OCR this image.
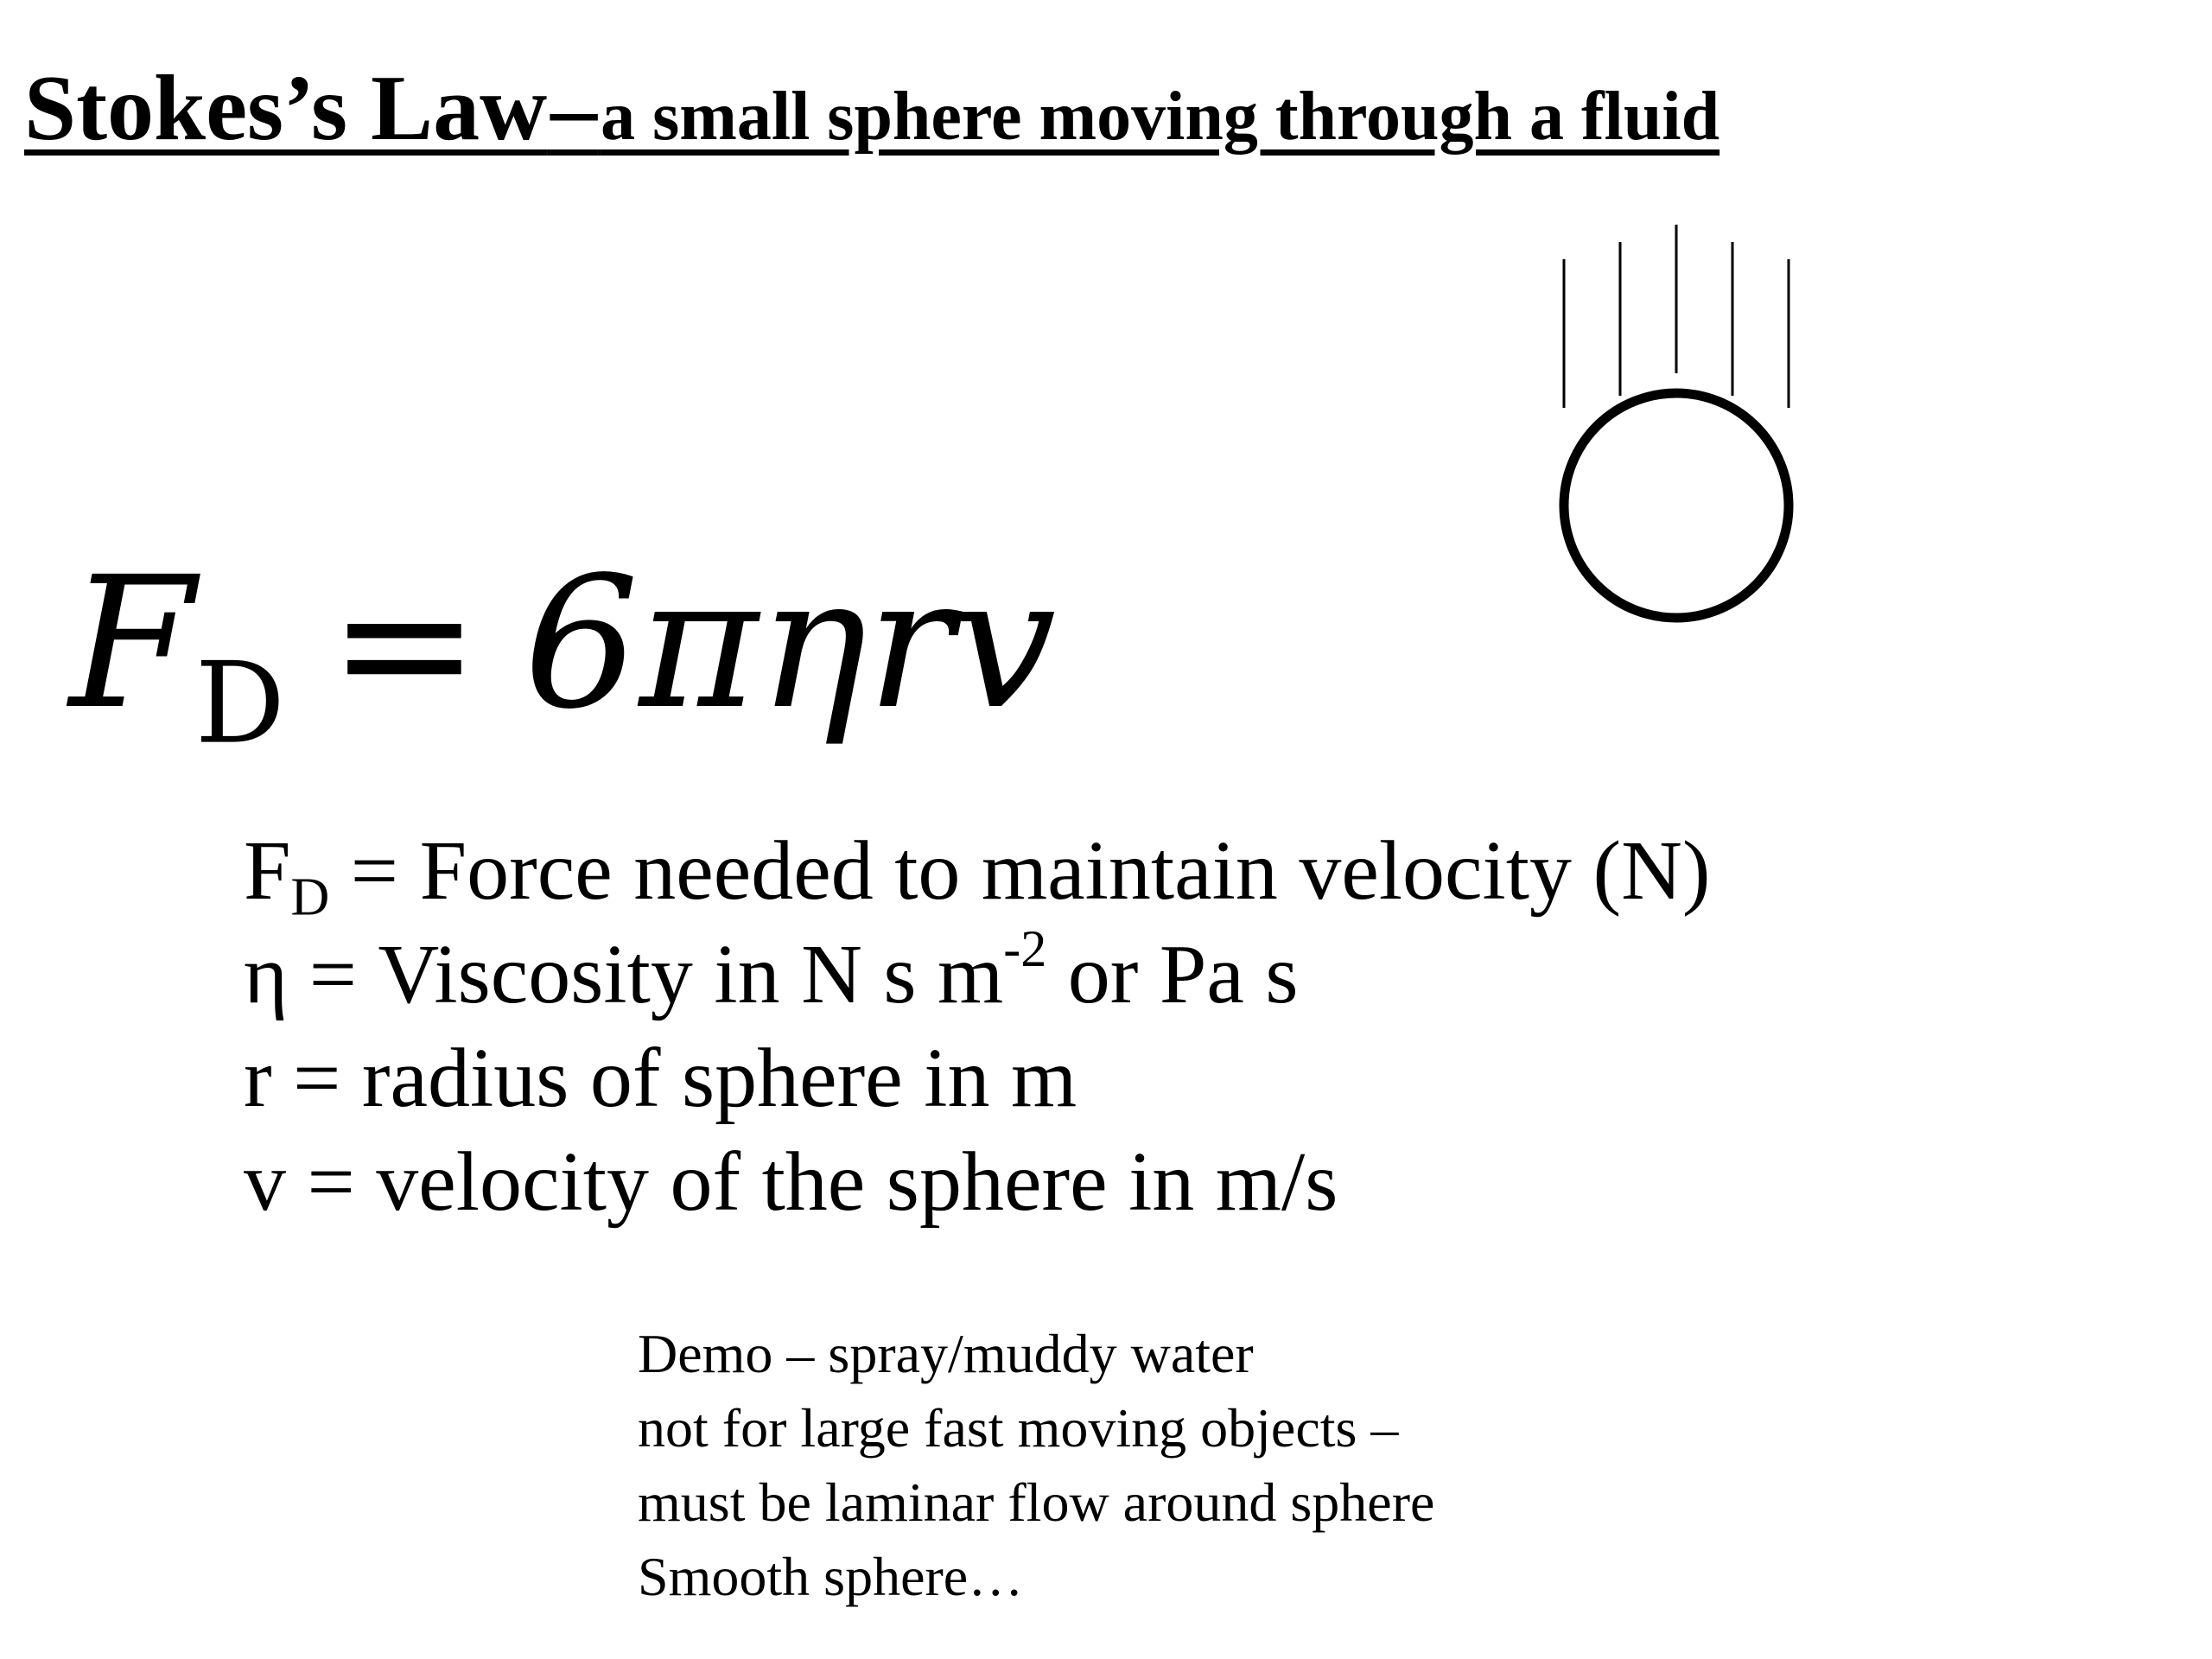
Stokes’s Law – a small sphere moving through a fluid
$F_D = 6\pi\eta rv$
$F_D$ = Force needed to maintain velocity (N)
η = Viscosity in N s $m^{-2}$ or Pa s
r = radius of sphere in m
v = velocity of the sphere in m/s
Demo – spray/muddy water
not for large fast moving objects –
must be laminar flow around sphere
Smooth sphere…
